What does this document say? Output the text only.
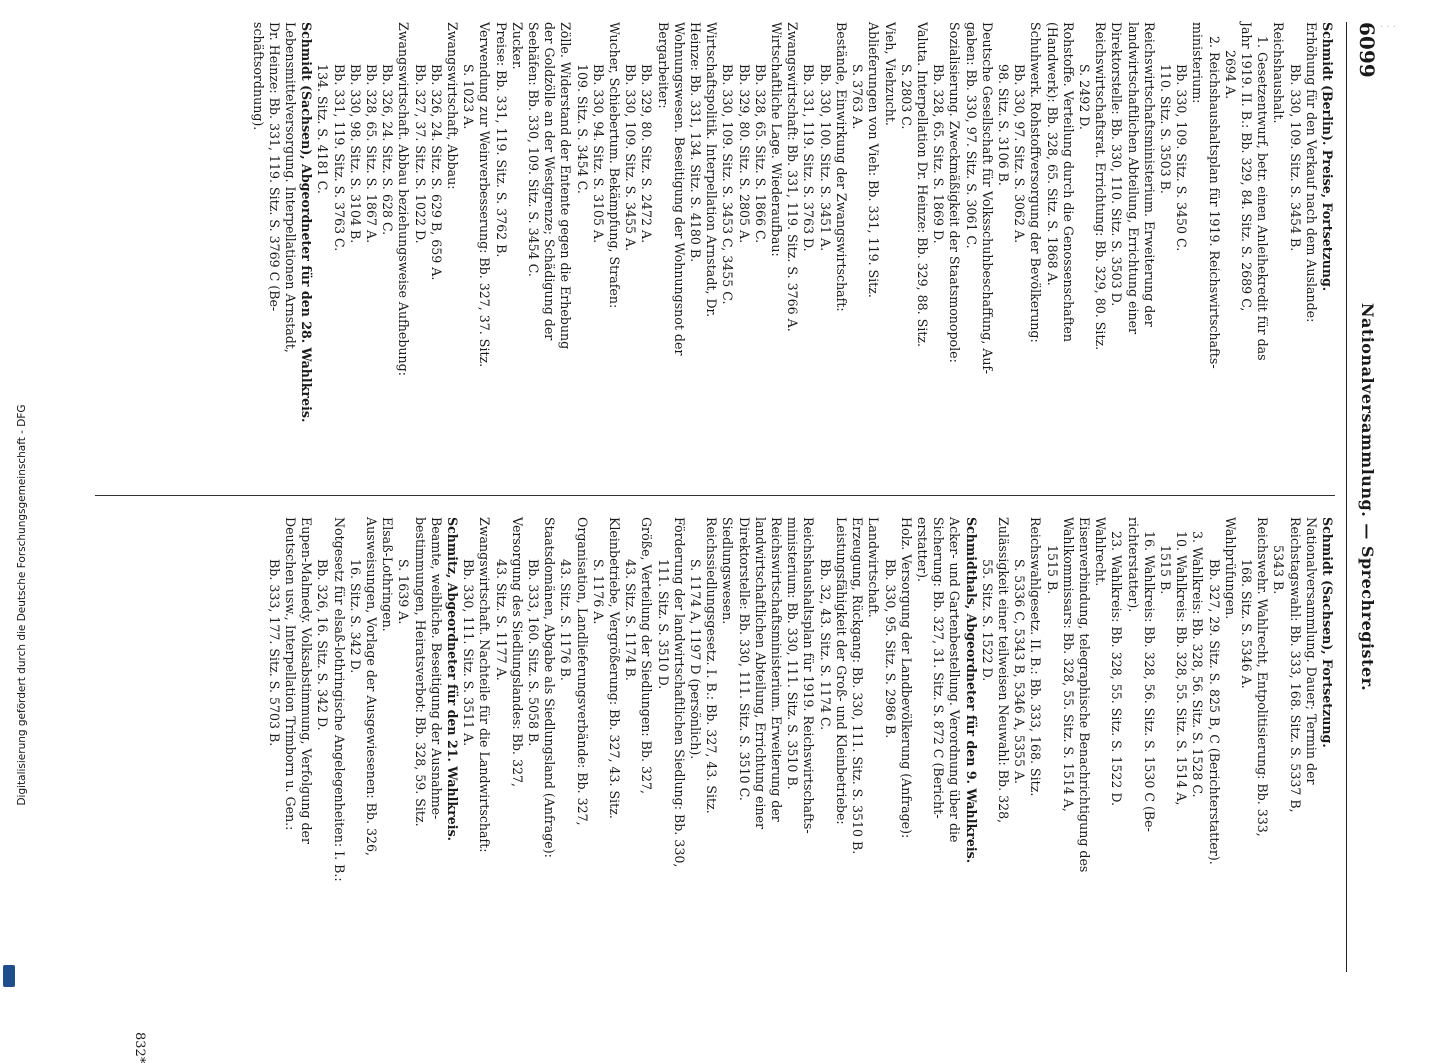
· · ·
6099
Nationalversammlung. — Sprechregister.
Schmidt (Berlin). Preise, Fortsetzung.
Erhöhung für den Verkauf nach dem Auslande:
Bb. 330, 109. Sitz. S. 3454 B.
Reichshaushalt.
1. Gesetzentwurf, betr. einen Anleihekredit für das
Jahr 1919. II. B.: Bb. 329, 84. Sitz. S. 2689 C,
2694 A.
2. Reichshaushaltsplan für 1919. Reichswirtschafts-
ministerium:
Bb. 330, 109. Sitz. S. 3450 C.
110. Sitz. S. 3503 B.
Reichswirtschaftsministerium. Erweiterung der
landwirtschaftlichen Abteilung, Errichtung einer
Direktorstelle: Bb. 330, 110. Sitz. S. 3503 D.
Reichswirtschaftsrat. Errichtung: Bb. 329, 80. Sitz.
S. 2492 D.
Rohstoffe. Verteilung durch die Genossenschaften
(Handwerk): Bb. 328, 65. Sitz. S. 1868 A.
Schuhwerk. Rohstoffversorgung der Bevölkerung:
Bb. 330, 97. Sitz. S. 3062 A.
98. Sitz. S. 3106 B.
Deutsche Gesellschaft für Volksschuhbeschaffung, Auf-
gaben: Bb. 330, 97. Sitz. S. 3061 C.
Sozialisierung. Zweckmäßigkeit der Staatsmonopole:
Bb. 328, 65. Sitz. S. 1869 D.
Valuta. Interpellation Dr. Heinze: Bb. 329, 88. Sitz.
S. 2803 C.
Vieh, Viehzucht.
Ablieferungen von Vieh: Bb. 331, 119. Sitz.
S. 3763 A.
Bestände, Einwirkung der Zwangswirtschaft:
Bb. 330, 100. Sitz. S. 3451 A.
Bb. 331, 119. Sitz. S. 3763 D.
Zwangswirtschaft: Bb. 331, 119. Sitz. S. 3766 A.
Wirtschaftliche Lage. Wiederaufbau:
Bb. 328, 65. Sitz. S. 1866 C.
Bb. 329, 80. Sitz. S. 2805 A.
Bb. 330, 109. Sitz. S. 3453 C, 3455 C.
Wirtschaftspolitik. Interpellation Arnstadt, Dr.
Heinze: Bb. 331, 134. Sitz. S. 4180 B.
Wohnungswesen. Beseitigung der Wohnungsnot der
Bergarbeiter:
Bb. 329, 80. Sitz. S. 2472 A.
Bb. 330, 109. Sitz. S. 3455 A.
Wucher, Schiebertum. Bekämpfung, Strafen:
Bb. 330, 94. Sitz. S. 3105 A.
109. Sitz. S. 3454 C.
Zölle. Widerstand der Entente gegen die Erhebung
der Goldzölle an der Westgrenze; Schädigung der
Seehäfen: Bb. 330, 109. Sitz. S. 3454 C.
Zucker.
Preise: Bb. 331, 119. Sitz. S. 3762 B.
Verwendung zur Weinverbesserung: Bb. 327, 37. Sitz.
S. 1023 A.
Zwangswirtschaft, Abbau:
Bb. 326, 24. Sitz. S. 629 B, 659 A.
Bb. 327, 37. Sitz. S. 1022 D.
Zwangswirtschaft. Abbau beziehungsweise Aufhebung:
Bb. 326, 24. Sitz. S. 628 C.
Bb. 328, 65. Sitz. S. 1867 A.
Bb. 330, 98. Sitz. S. 3104 B.
Bb. 331, 119. Sitz. S. 3763 C.
134. Sitz. S. 4181 C.
Schmidt (Sachsen), Abgeordneter für den 28. Wahlkreis.
Lebensmittelversorgung. Interpellationen Arnstadt,
Dr. Heinze: Bb. 331, 119. Sitz. S. 3769 C (Be-
schäftsordnung).
Schmidt (Sachsen), Fortsetzung.
Nationalversammlung. Dauer; Termin der
Reichstagswahl: Bb. 333, 168. Sitz. S. 5337 B,
5343 B.
Reichswehr. Wahlrecht, Entpolitisierung: Bb. 333,
168. Sitz. S. 5346 A.
Wahlprüfungen.
Bb. 327, 29. Sitz. S. 825 B, C (Berichterstatter).
3. Wahlkreis: Bb. 328, 56. Sitz. S. 1528 C.
10. Wahlkreis: Bb. 328, 55. Sitz. S. 1514 A,
1515 B.
16. Wahlkreis: Bb. 328, 56. Sitz. S. 1530 C (Be-
richterstatter).
23. Wahlkreis: Bb. 328, 55. Sitz. S. 1522 D.
Wahlrecht.
Eisenverbindung, telegraphische Benachrichtigung des
Wahlkommissars: Bb. 328, 55. Sitz. S. 1514 A,
1515 B.
Reichswahlgesetz. II. B.: Bb. 333, 168. Sitz.
S. 5336 C, 5343 B, 5346 A, 5355 A.
Zulässigkeit einer teilweisen Neuwahl: Bb. 328,
55. Sitz. S. 1522 D.
Schmidthals, Abgeordneter für den 9. Wahlkreis.
Acker- und Gartenbestellung. Verordnung über die
Sicherung: Bb. 327, 31. Sitz. S. 872 C (Bericht-
erstatter).
Holz. Versorgung der Landbevölkerung (Anfrage):
Bb. 330, 95. Sitz. S. 2986 B.
Landwirtschaft.
Erzeugung, Rückgang: Bb. 330, 111. Sitz. S. 3510 B.
Leistungsfähigkeit der Groß- und Kleinbetriebe:
Bb. 32, 43. Sitz. S. 1174 C.
Reichshaushaltsplan für 1919. Reichswirtschafts-
ministerium: Bb. 330, 111. Sitz. S. 3510 B.
Reichswirtschaftsministerium. Erweiterung der
landwirtschaftlichen Abteilung, Errichtung einer
Direktorstelle: Bb. 330, 111. Sitz. S. 3510 C.
Siedlungswesen.
Reichssiedlungsgesetz. I. B.: Bb. 327, 43. Sitz.
S. 1174 A, 1197 D (persönlich).
Förderung der landwirtschaftlichen Siedlung: Bb. 330,
111. Sitz. S. 3510 D.
Größe, Verteilung der Siedlungen: Bb. 327,
43. Sitz. S. 1174 B.
Kleinbetriebe, Vergrößerung: Bb. 327, 43. Sitz.
S. 1176 A.
Organisation, Landlieferungsverbände: Bb. 327,
43. Sitz. S. 1176 B.
Staatsdomänen, Abgabe als Siedlungsland (Anfrage):
Bb. 333, 160. Sitz. S. 5058 B.
Versorgung des Siedlungslandes: Bb. 327,
43. Sitz. S. 1177 A.
Zwangswirtschaft. Nachteile für die Landwirtschaft:
Bb. 330, 111. Sitz. S. 3511 A.
Schmitz, Abgeordneter für den 21. Wahlkreis.
Beamte, weibliche. Beseitigung der Ausnahme-
bestimmungen, Heiratsverbot: Bb. 328, 59. Sitz.
S. 1639 A.
Elsaß-Lothringen.
Ausweisungen, Vorlage der Ausgewiesenen: Bb. 326,
16. Sitz. S. 342 D.
Notgesetz für elsaß-lothringische Angelegenheiten: I. B.:
Bb. 326, 16. Sitz. S. 342 D.
Eupen-Malmedy. Volksabstimmung, Verfolgung der
Deutschen usw., Interpellation Trimborn u. Gen.:
Bb. 333, 177. Sitz. S. 5703 B.
832*
Digitalisierung gefördert durch die Deutsche Forschungsgemeinschaft - DFG
